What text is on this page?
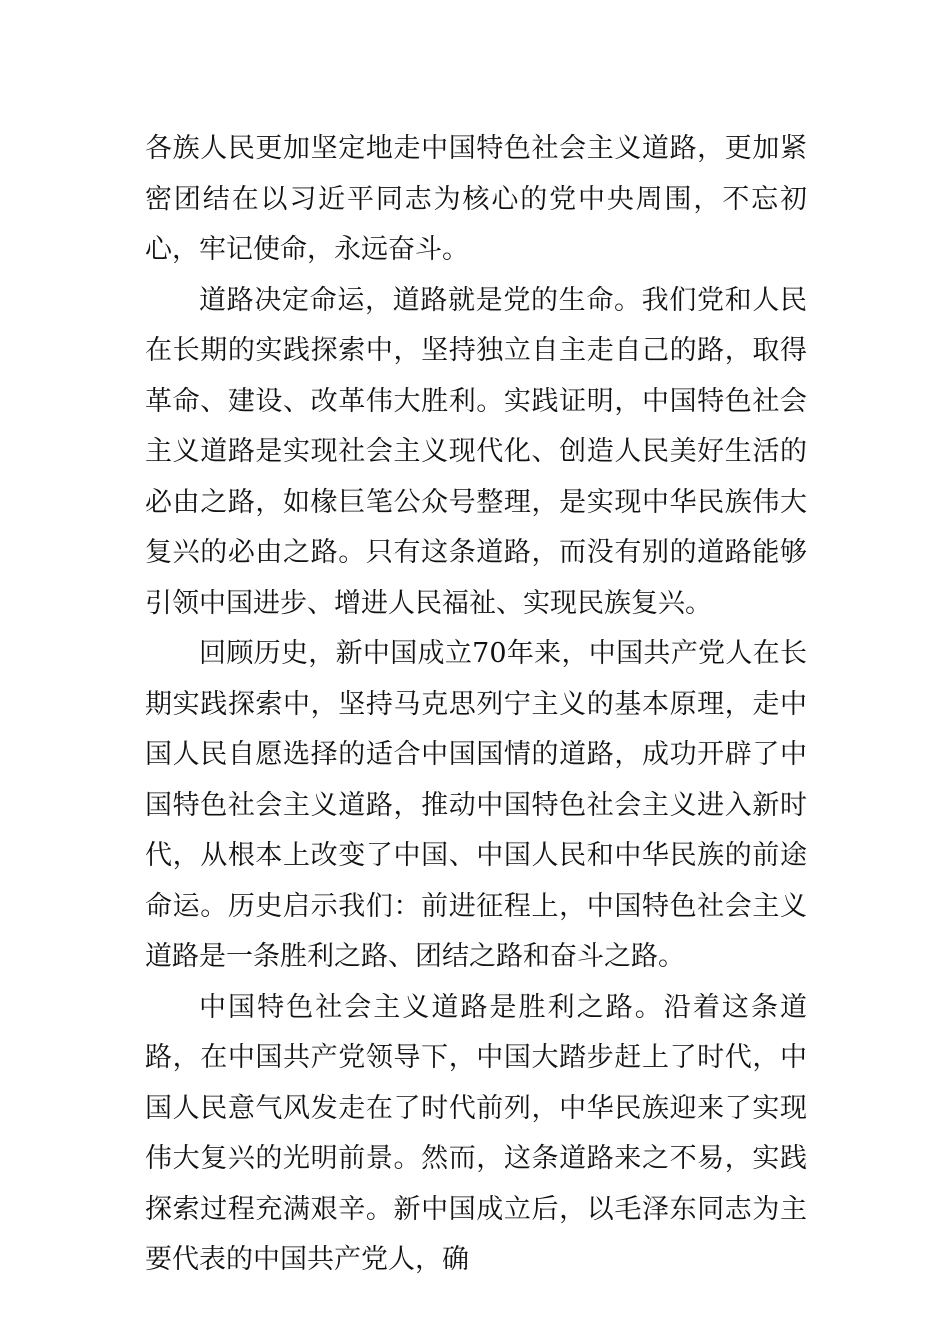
各族人民更加坚定地走中国特色社会主义道路，更加紧密团结在以习近平同志为核心的党中央周围，不忘初心，牢记使命，永远奋斗。

道路决定命运，道路就是党的生命。我们党和人民在长期的实践探索中，坚持独立自主走自己的路，取得革命、建设、改革伟大胜利。实践证明，中国特色社会主义道路是实现社会主义现代化、创造人民美好生活的必由之路，如椽巨笔公众号整理，是实现中华民族伟大复兴的必由之路。只有这条道路，而没有别的道路能够引领中国进步、增进人民福祉、实现民族复兴。

回顾历史，新中国成立70年来，中国共产党人在长期实践探索中，坚持马克思列宁主义的基本原理，走中国人民自愿选择的适合中国国情的道路，成功开辟了中国特色社会主义道路，推动中国特色社会主义进入新时代，从根本上改变了中国、中国人民和中华民族的前途命运。历史启示我们：前进征程上，中国特色社会主义道路是一条胜利之路、团结之路和奋斗之路。

中国特色社会主义道路是胜利之路。沿着这条道路，在中国共产党领导下，中国大踏步赶上了时代，中国人民意气风发走在了时代前列，中华民族迎来了实现伟大复兴的光明前景。然而，这条道路来之不易，实践探索过程充满艰辛。新中国成立后，以毛泽东同志为主要代表的中国共产党人，确
